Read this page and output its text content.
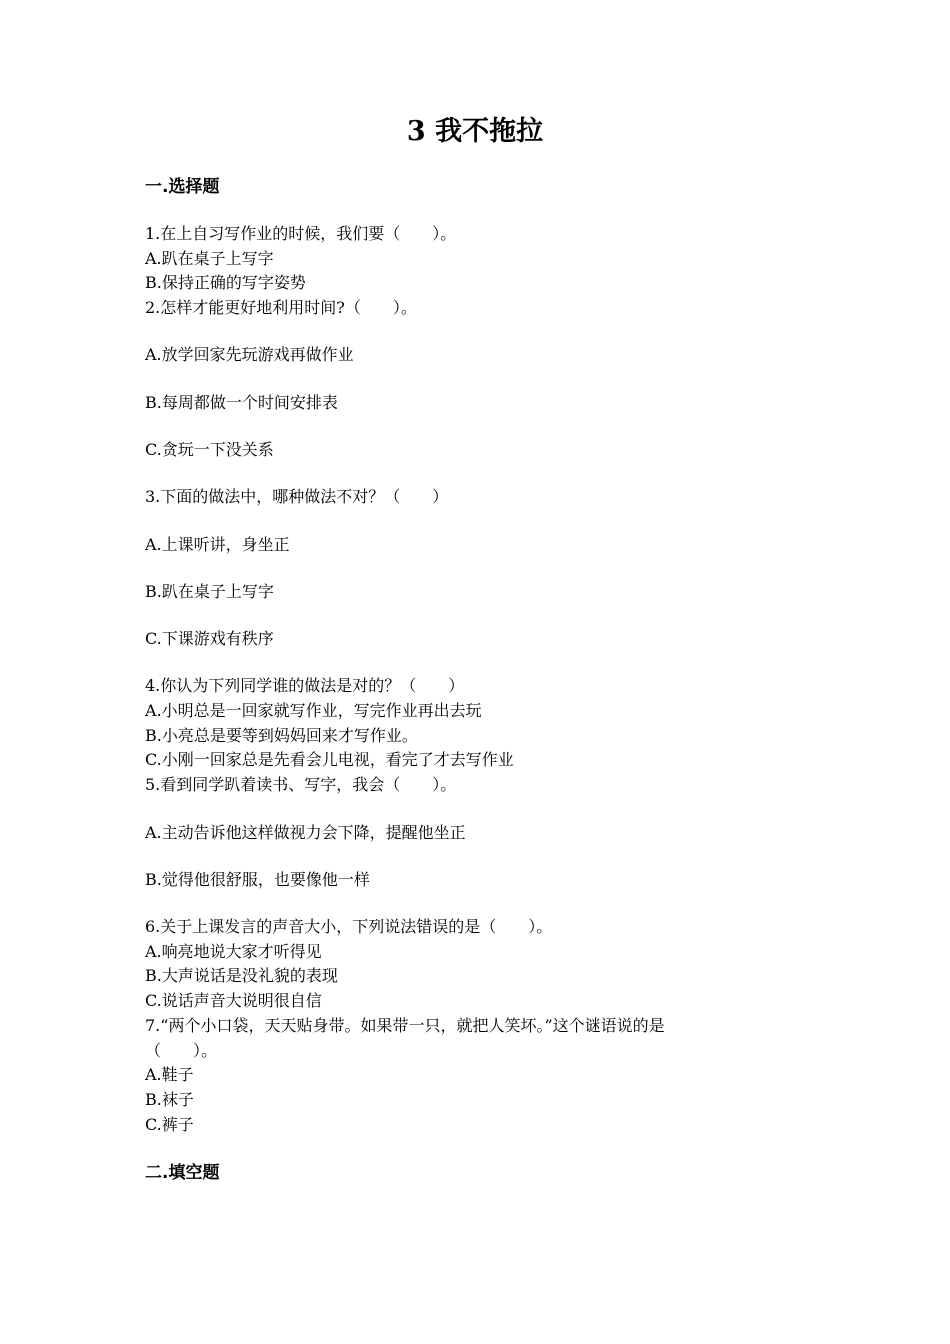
3 我不拖拉
一.选择题
1.在上自习写作业的时候，我们要（　　）。
A.趴在桌子上写字
B.保持正确的写字姿势
2.怎样才能更好地利用时间?（　　）。
A.放学回家先玩游戏再做作业
B.每周都做一个时间安排表
C.贪玩一下没关系
3.下面的做法中，哪种做法不对？（　　）
A.上课听讲，身坐正
B.趴在桌子上写字
C.下课游戏有秩序
4.你认为下列同学谁的做法是对的？（　　）
A.小明总是一回家就写作业，写完作业再出去玩
B.小亮总是要等到妈妈回来才写作业。
C.小刚一回家总是先看会儿电视，看完了才去写作业
5.看到同学趴着读书、写字，我会（　　）。
A.主动告诉他这样做视力会下降，提醒他坐正
B.觉得他很舒服，也要像他一样
6.关于上课发言的声音大小，下列说法错误的是（　　）。
A.响亮地说大家才听得见
B.大声说话是没礼貌的表现
C.说话声音大说明很自信
7.“两个小口袋，天天贴身带。如果带一只，就把人笑坏。”这个谜语说的是
（　　）。
A.鞋子
B.袜子
C.裤子
二.填空题
